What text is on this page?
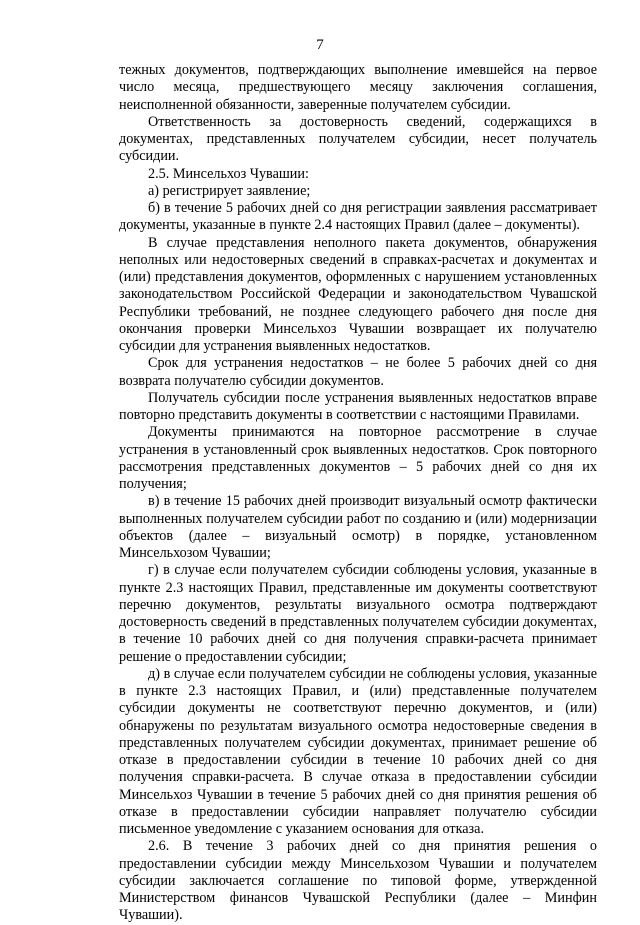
7

тежных документов, подтверждающих выполнение имевшейся на первое число месяца, предшествующего месяцу заключения соглашения, неисполненной обязанности, заверенные получателем субсидии.

Ответственность за достоверность сведений, содержащихся в документах, представленных получателем субсидии, несет получатель субсидии.

2.5. Минсельхоз Чувашии:

а) регистрирует заявление;

б) в течение 5 рабочих дней со дня регистрации заявления рассматривает документы, указанные в пункте 2.4 настоящих Правил (далее – документы).

В случае представления неполного пакета документов, обнаружения неполных или недостоверных сведений в справках-расчетах и документах и (или) представления документов, оформленных с нарушением установленных законодательством Российской Федерации и законодательством Чувашской Республики требований, не позднее следующего рабочего дня после дня окончания проверки Минсельхоз Чувашии возвращает их получателю субсидии для устранения выявленных недостатков.

Срок для устранения недостатков – не более 5 рабочих дней со дня возврата получателю субсидии документов.

Получатель субсидии после устранения выявленных недостатков вправе повторно представить документы в соответствии с настоящими Правилами.

Документы принимаются на повторное рассмотрение в случае устранения в установленный срок выявленных недостатков. Срок повторного рассмотрения представленных документов – 5 рабочих дней со дня их получения;

в) в течение 15 рабочих дней производит визуальный осмотр фактически выполненных получателем субсидии работ по созданию и (или) модернизации объектов (далее – визуальный осмотр) в порядке, установленном Минсельхозом Чувашии;

г) в случае если получателем субсидии соблюдены условия, указанные в пункте 2.3 настоящих Правил, представленные им документы соответствуют перечню документов, результаты визуального осмотра подтверждают достоверность сведений в представленных получателем субсидии документах, в течение 10 рабочих дней со дня получения справки-расчета принимает решение о предоставлении субсидии;

д) в случае если получателем субсидии не соблюдены условия, указанные в пункте 2.3 настоящих Правил, и (или) представленные получателем субсидии документы не соответствуют перечню документов, и (или) обнаружены по результатам визуального осмотра недостоверные сведения в представленных получателем субсидии документах, принимает решение об отказе в предоставлении субсидии в течение 10 рабочих дней со дня получения справки-расчета. В случае отказа в предоставлении субсидии Минсельхоз Чувашии в течение 5 рабочих дней со дня принятия решения об отказе в предоставлении субсидии направляет получателю субсидии письменное уведомление с указанием основания для отказа.

2.6. В течение 3 рабочих дней со дня принятия решения о предоставлении субсидии между Минсельхозом Чувашии и получателем субсидии заключается соглашение по типовой форме, утвержденной Министерством финансов Чувашской Республики (далее – Минфин Чувашии).
